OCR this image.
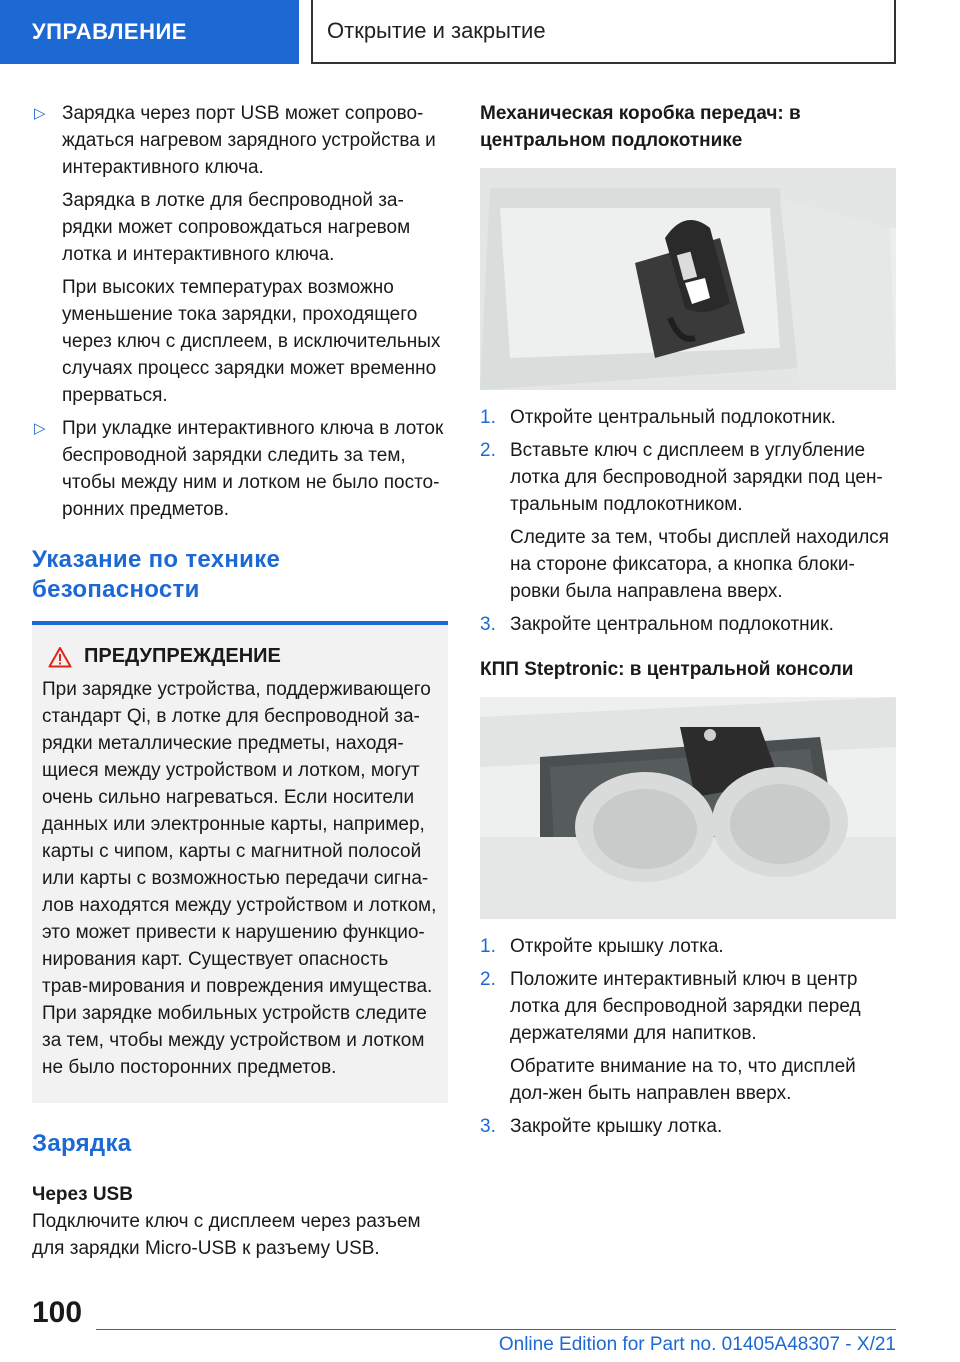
УПРАВЛЕНИЕ	Открытие и закрытие
▷ Зарядка через порт USB может сопрово-ждаться нагревом зарядного устройства и интерактивного ключа.

Зарядка в лотке для беспроводной за-рядки может сопровождаться нагревом лотка и интерактивного ключа.

При высоких температурах возможно уменьшение тока зарядки, проходящего через ключ с дисплеем, в исключительных случаях процесс зарядки может временно прерваться.

▷ При укладке интерактивного ключа в лоток беспроводной зарядки следить за тем, чтобы между ним и лотком не было посто-ронних предметов.

Указание по технике безопасности
ПРЕДУПРЕЖДЕНИЕ

При зарядке устройства, поддерживающего стандарт Qi, в лотке для беспроводной за-рядки металлические предметы, находя-щиеся между устройством и лотком, могут очень сильно нагреваться. Если носители данных или электронные карты, например, карты с чипом, карты с магнитной полосой или карты с возможностью передачи сигна-лов находятся между устройством и лотком, это может привести к нарушению функцио-нирования карт. Существует опасность трав-мирования и повреждения имущества. При зарядке мобильных устройств следите за тем, чтобы между устройством и лотком не было посторонних предметов.

Зарядка
Через USB

Подключите ключ с дисплеем через разъем для зарядки Micro-USB к разъему USB.

Механическая коробка передач: в центральном подлокотнике
1. Откройте центральный подлокотник.

2. Вставьте ключ с дисплеем в углубление лотка для беспроводной зарядки под цен-тральным подлокотником.

Следите за тем, чтобы дисплей находился на стороне фиксатора, а кнопка блоки-ровки была направлена вверх.

3. Закройте центральном подлокотник.

КПП Steptronic: в центральной консоли
1. Откройте крышку лотка.

2. Положите интерактивный ключ в центр лотка для беспроводной зарядки перед держателями для напитков.

Обратите внимание на то, что дисплей дол-жен быть направлен вверх.

3. Закройте крышку лотка.

100
Online Edition for Part no. 01405A48307 - X/21
